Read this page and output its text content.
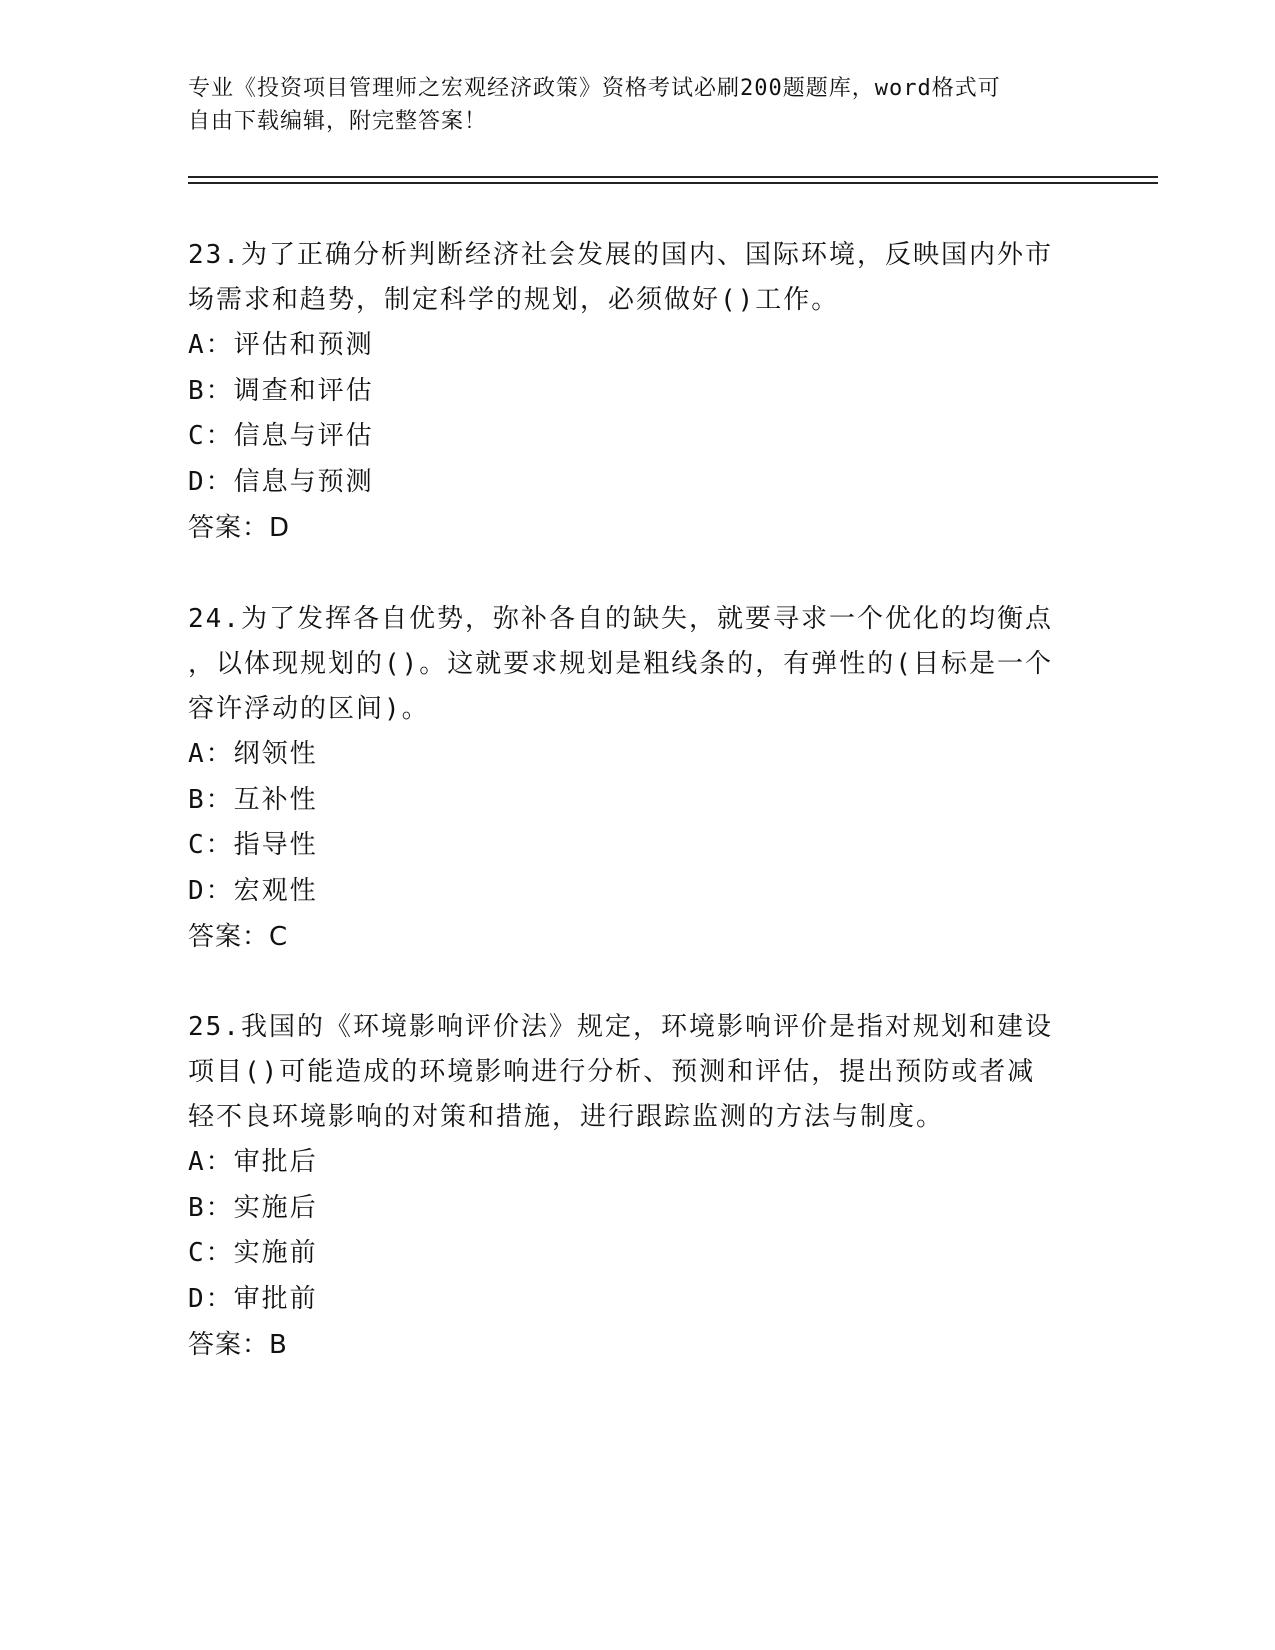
专业《投资项目管理师之宏观经济政策》资格考试必刷200题题库，word格式可
自由下载编辑，附完整答案！
23.为了正确分析判断经济社会发展的国内、国际环境，反映国内外市
场需求和趋势，制定科学的规划，必须做好()工作。
A：评估和预测
B：调查和评估
C：信息与评估
D：信息与预测
答案：D
24.为了发挥各自优势，弥补各自的缺失，就要寻求一个优化的均衡点
，以体现规划的()。这就要求规划是粗线条的，有弹性的(目标是一个
容许浮动的区间)。
A：纲领性
B：互补性
C：指导性
D：宏观性
答案：C
25.我国的《环境影响评价法》规定，环境影响评价是指对规划和建设
项目()可能造成的环境影响进行分析、预测和评估，提出预防或者减
轻不良环境影响的对策和措施，进行跟踪监测的方法与制度。
A：审批后
B：实施后
C：实施前
D：审批前
答案：B
